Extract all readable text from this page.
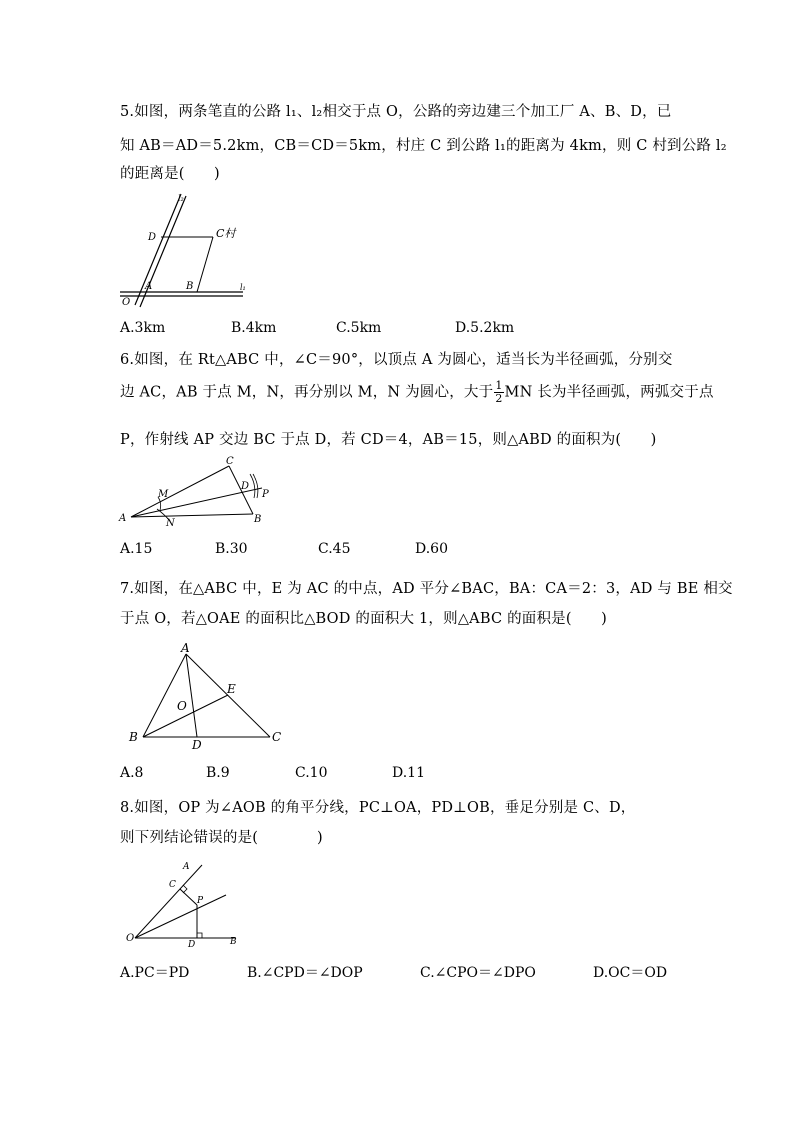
5.如图，两条笔直的公路 l₁、l₂相交于点 O，公路的旁边建三个加工厂 A、B、D，已
知 AB＝AD＝5.2km，CB＝CD＝5km，村庄 C 到公路 l₁的距离为 4km，则 C 村到公路 l₂
的距离是(　　)
l₂
l₁
D	C村
O
A	B
A.3km	B.4km	C.5km	D.5.2km
6.如图，在 Rt△ABC 中，∠C＝90°，以顶点 A 为圆心，适当长为半径画弧，分别交
边 AC，AB 于点 M，N，再分别以 M，N 为圆心，大于 $\frac{1}{2}$ MN 长为半径画弧，两弧交于点
P，作射线 AP 交边 BC 于点 D，若 CD＝4，AB＝15，则△ABD 的面积为(　　)
C
M
D
P
A	N	B
A.15	B.30	C.45	D.60
7.如图，在△ABC 中，E 为 AC 的中点，AD 平分∠BAC，BA：CA＝2：3，AD 与 BE 相交
于点 O，若△OAE 的面积比△BOD 的面积大 1，则△ABC 的面积是(　　)
A
E
O
B
D
C
A.8	B.9	C.10	D.11
8.如图，OP 为∠AOB 的角平分线，PC⊥OA，PD⊥OB，垂足分别是 C、D，
则下列结论错误的是(　　　　)
A
C
P
O
D	B
A.PC＝PD	B.∠CPD＝∠DOP	C.∠CPO＝∠DPO	D.OC＝OD
